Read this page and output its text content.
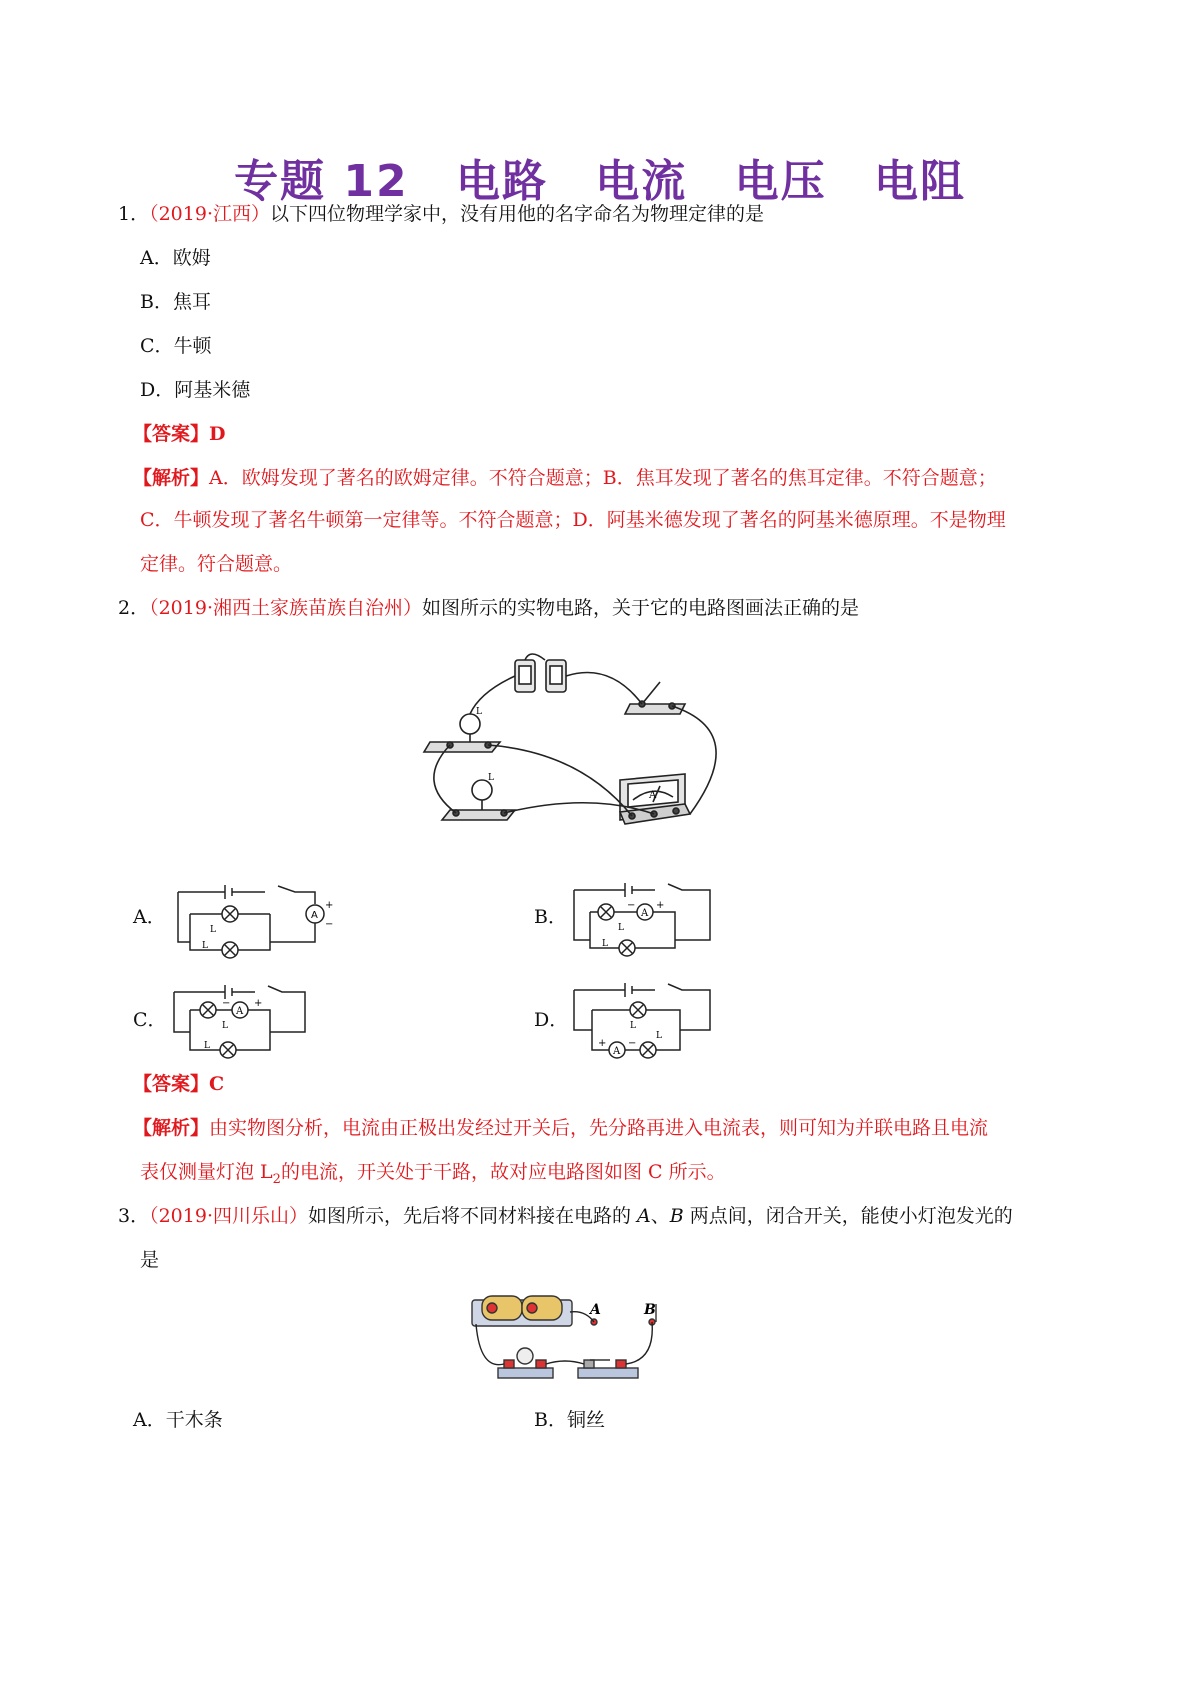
专题 12 电路 电流 电压 电阻
1．（2019·江西）以下四位物理学家中，没有用他的名字命名为物理定律的是
A．欧姆
B．焦耳
C．牛顿
D．阿基米德
【答案】D
【解析】A．欧姆发现了著名的欧姆定律。不符合题意；B．焦耳发现了著名的焦耳定律。不符合题意；
C．牛顿发现了著名牛顿第一定律等。不符合题意；D．阿基米德发现了著名的阿基米德原理。不是物理
定律。符合题意。
2．（2019·湘西土家族苗族自治州）如图所示的实物电路，关于它的电路图画法正确的是
L
L
A
A．	A
+
−
L
L
B．	A
− +
L
L
C．	A
− +
L
L
D．
A
+ −
L
L
【答案】C
【解析】由实物图分析，电流由正极出发经过开关后，先分路再进入电流表，则可知为并联电路且电流
表仅测量灯泡 $L_2$的电流，开关处于干路，故对应电路图如图 C 所示。
3．（2019·四川乐山）如图所示，先后将不同材料接在电路的 A、B 两点间，闭合开关，能使小灯泡发光的
是
A	B
A．干木条	B．铜丝
